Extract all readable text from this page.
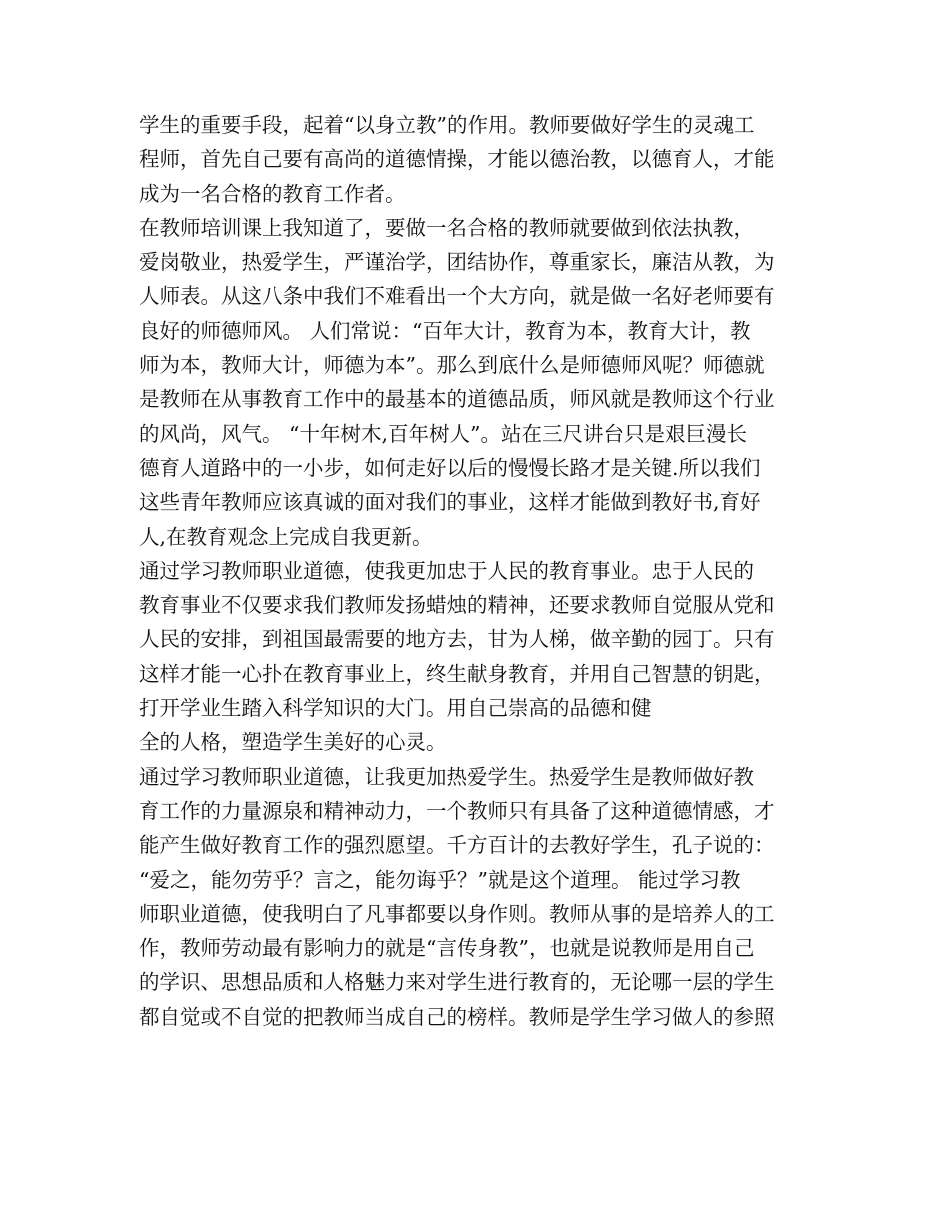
学生的重要手段，起着“以身立教”的作用。教师要做好学生的灵魂工
程师，首先自己要有高尚的道德情操，才能以德治教，以德育人，才能
成为一名合格的教育工作者。
在教师培训课上我知道了，要做一名合格的教师就要做到依法执教，
爱岗敬业，热爱学生，严谨治学，团结协作，尊重家长，廉洁从教，为
人师表。从这八条中我们不难看出一个大方向，就是做一名好老师要有
良好的师德师风。 人们常说：“百年大计，教育为本，教育大计，教
师为本，教师大计，师德为本”。那么到底什么是师德师风呢？师德就
是教师在从事教育工作中的最基本的道德品质，师风就是教师这个行业
的风尚，风气。 “十年树木,百年树人”。站在三尺讲台只是艰巨漫长
德育人道路中的一小步，如何走好以后的慢慢长路才是关键.所以我们
这些青年教师应该真诚的面对我们的事业，这样才能做到教好书,育好
人,在教育观念上完成自我更新。
通过学习教师职业道德，使我更加忠于人民的教育事业。忠于人民的
教育事业不仅要求我们教师发扬蜡烛的精神，还要求教师自觉服从党和
人民的安排，到祖国最需要的地方去，甘为人梯，做辛勤的园丁。只有
这样才能一心扑在教育事业上，终生献身教育，并用自己智慧的钥匙，
打开学业生踏入科学知识的大门。用自己崇高的品德和健
全的人格，塑造学生美好的心灵。
通过学习教师职业道德，让我更加热爱学生。热爱学生是教师做好教
育工作的力量源泉和精神动力，一个教师只有具备了这种道德情感，才
能产生做好教育工作的强烈愿望。千方百计的去教好学生，孔子说的：
“爱之，能勿劳乎？言之，能勿诲乎？”就是这个道理。 能过学习教
师职业道德，使我明白了凡事都要以身作则。教师从事的是培养人的工
作，教师劳动最有影响力的就是“言传身教”，也就是说教师是用自己
的学识、思想品质和人格魅力来对学生进行教育的，无论哪一层的学生
都自觉或不自觉的把教师当成自己的榜样。教师是学生学习做人的参照
